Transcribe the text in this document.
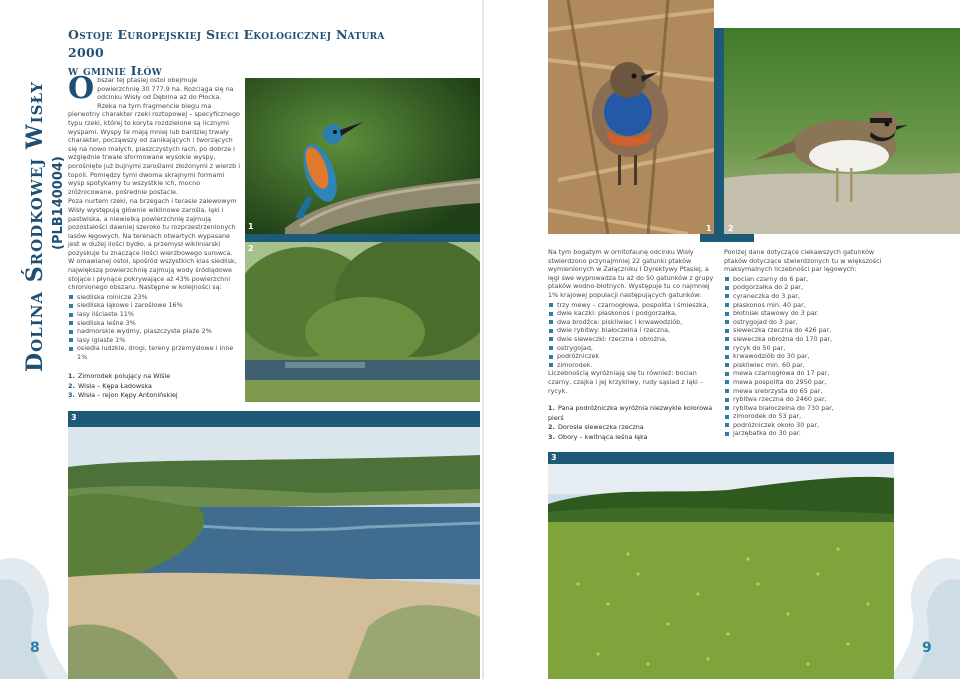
Dolina Środkowej Wisły (PLB140004)
Ostoje Europejskiej Sieci Ekologicznej Natura 2000
w gminie Iłów
O bszar tej ptasiej ostoi obejmuje powierzchnię 30 777,9 ha. Rozciąga się na odcinku Wisły od Dęblina aż do Płocka. Rzeka na tym fragmencie biegu ma pierwotny charakter rzeki roztopowej – specyficznego typu rzeki, której to koryta rozdzielone są licznymi wyspami. Wyspy te mają mniej lub bardziej trwały charakter, począwszy od zanikających i tworzących się na nowo małych, piaszczystych łach, po dobrze i względnie trwale sformowane wysokie wyspy, porośnięte już bujnymi zaroślami złożonymi z wierzb i topoli. Pomiędzy tymi dwoma skrajnymi formami wysp spotykamy tu wszystkie ich, mocno zróżnicowane, pośrednie postacie.

Poza nurtem rzeki, na brzegach i terasie zalewowym Wisły występują głównie wiklinowe zarośla, łąki i pastwiska, a niewielką powierzchnię zajmują pozostałości dawniej szeroko tu rozprzestrzenionych lasów łęgowych. Na terenach otwartych wypasane jest w dużej ilości bydło, a przemysł wikliniarski pozyskuje tu znaczące ilości wierzbowego surowca. W omawianej ostoi, spośród wszystkich klas siedlisk, największą powierzchnię zajmują wody śródlądowe stojące i płynące pokrywające aż 43% powierzchni chronionego obszaru. Następne w kolejności są:

siedliska rolnicze 23%
siedliska łąkowe i zaroślowe 16%
lasy liściaste 11%
siedliska leśne 3%
nadmorskie wydmy, piaszczyste plaże 2%
lasy iglaste 1%
osiedla ludzkie, drogi, tereny przemysłowe i inne 1%
1. Zimorodek polujący na Wiśle
2. Wisła – Kępa Ładowska
3. Wisła – rejon Kępy Antonińskiej
1
2
3
8
1 2

Na tym bogatym w ornitofaunę odcinku Wisły stwierdzono przynajmniej 22 gatunki ptaków wymienionych w Załączniku I Dyrektywy Ptasiej, a lęgi swe wyprowadza tu aż do 50 gatunków z grupy ptaków wodno-błotnych. Występuje tu co najmniej 1% krajowej populacji następujących gatunków:

trzy mewy – czarnogłowa, pospolita i śmieszka,
dwie kaczki: płaskonos i podgorzałka,
dwa brodźce: piskliwiec i krwawodziób,
dwie rybitwy: białoczelna i rzeczna,
dwie sieweczki: rzeczna i obrożna,
ostrygojad,
podróżniczek
zimorodek.

Liczebnością wyróżniają się tu również: bocian czarny, czajka i jej krzykliwy, rudy sąsiad z łąki – rycyk.

1. Pana podróżniczka wyróżnia niezwykle kolorowa pierś
2. Dorosła sieweczka rzeczna
3. Obory – kwitnąca leśna łąka

Poniżej dane dotyczące ciekawszych gatunków ptaków dotyczące stwierdzonych tu w większości maksymalnych liczebności par lęgowych:

bocian czarny do 6 par,
podgorzałka do 2 par,
cyraneczka do 3 par,
płaskonos min. 40 par,
błotniak stawowy do 3 par.
ostrygojad do 3 par,
sieweczka rzeczna do 426 par,
sieweczka obrożna do 170 par,
rycyk do 50 par,
krwawodziób do 30 par,
piskliwiec min. 60 par,
mewa czarnogłowa do 17 par,
mewa pospolita do 2950 par,
mewa srebrzysta do 65 par,
rybitwa rzeczna do 2460 par,
rybitwa białoczelna do 730 par,
zimorodek do 53 par,
podróżniczek około 30 par,
jarzębatka do 30 par.
3
9
